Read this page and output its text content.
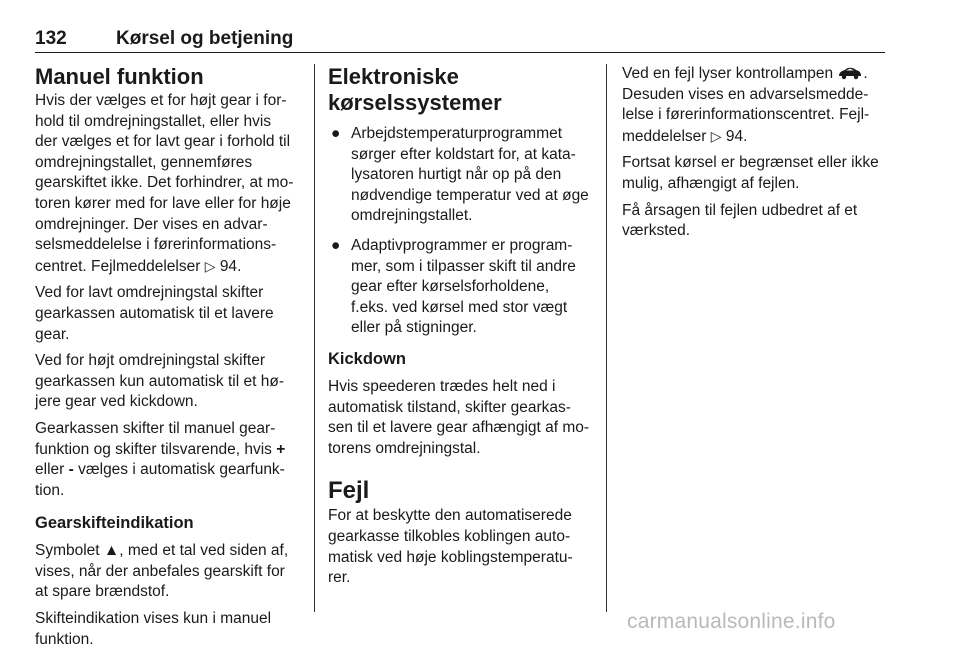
132	Kørsel og betjening
Manuel funktion

Hvis der vælges et for højt gear i for-hold til omdrejningstallet, eller hvis der vælges et for lavt gear i forhold til omdrejningstallet, gennemføres gearskiftet ikke. Det forhindrer, at mo-toren kører med for lave eller for høje omdrejninger. Der vises en advar-selsmeddelelse i førerinformations-centret. Fejlmeddelelser ▷ 94.

Ved for lavt omdrejningstal skifter gearkassen automatisk til et lavere gear.

Ved for højt omdrejningstal skifter gearkassen kun automatisk til et hø-jere gear ved kickdown.

Gearkassen skifter til manuel gear-funktion og skifter tilsvarende, hvis + eller - vælges i automatisk gearfunk-tion.

Gearskifteindikation

Symbolet ▲, med et tal ved siden af, vises, når der anbefales gearskift for at spare brændstof.

Skifteindikation vises kun i manuel funktion.

Elektroniske kørselssystemer
● Arbejdstemperaturprogrammet sørger efter koldstart for, at kata-lysatoren hurtigt når op på den nødvendige temperatur ved at øge omdrejningstallet.
● Adaptivprogrammer er program-mer, som i tilpasser skift til andre gear efter kørselsforholdene, f.eks. ved kørsel med stor vægt eller på stigninger.
Kickdown

Hvis speederen trædes helt ned i automatisk tilstand, skifter gearkas-sen til et lavere gear afhængigt af mo-torens omdrejningstal.

Fejl

For at beskytte den automatiserede gearkasse tilkobles koblingen auto-matisk ved høje koblingstemperatu-rer.

Ved en fejl lyser kontrollampen . Desuden vises en advarselsmedde-lelse i førerinformationscentret. Fejl-meddelelser ▷ 94.

Fortsat kørsel er begrænset eller ikke mulig, afhængigt af fejlen.

Få årsagen til fejlen udbedret af et værksted.

carmanualsonline.info
